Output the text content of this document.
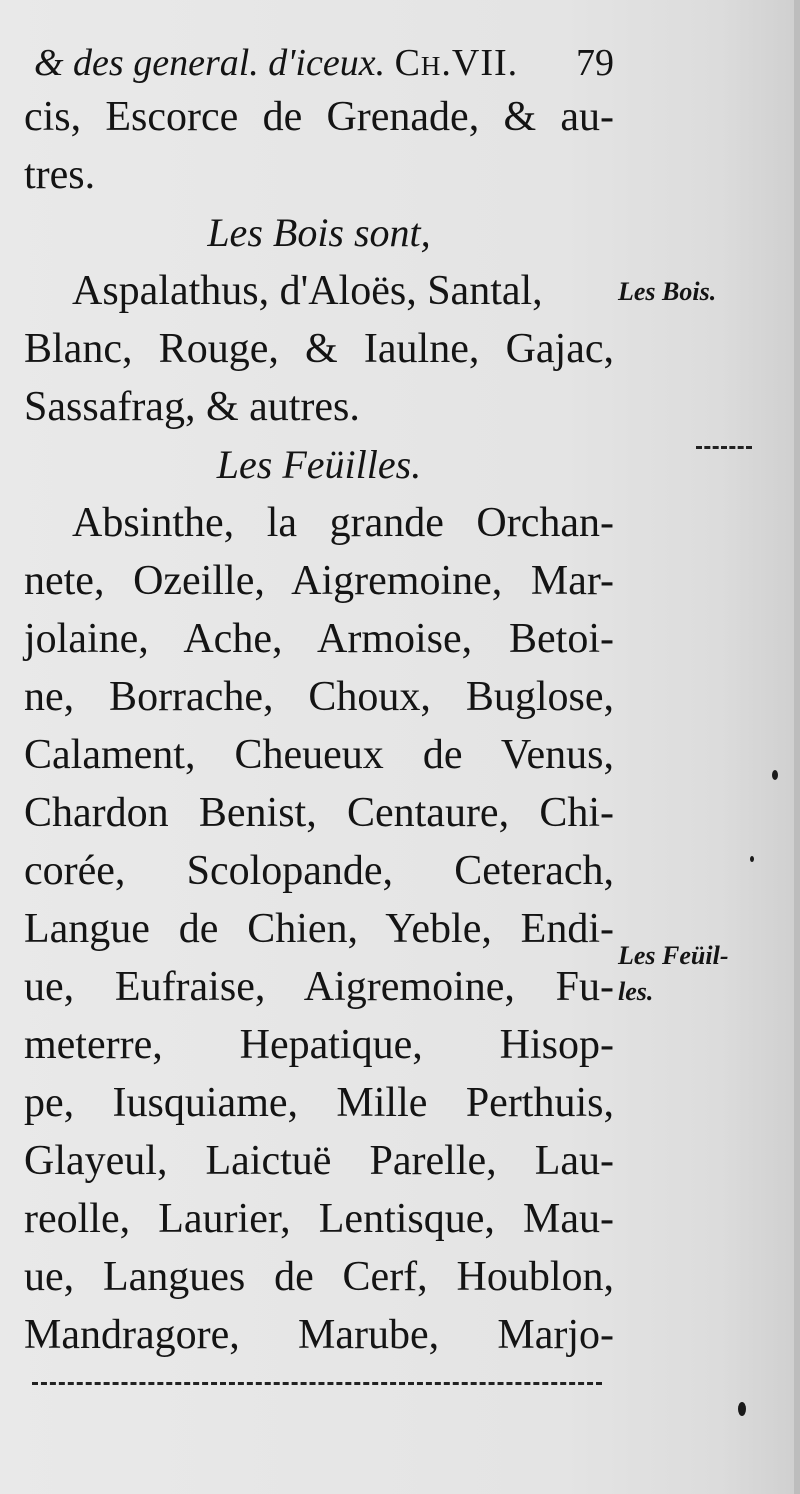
& des general. d'iceux. Ch.VII. 79
cis, Escorce de Grenade, & au-
tres.
Les Bois sont,
Aspalathus, d'Aloës, Santal,
Blanc, Rouge, & Iaulne, Gajac,
Sassafrag, & autres.
Les Feüilles.
Absinthe, la grande Orchan-
nete, Ozeille, Aigremoine, Mar-
jolaine, Ache, Armoise, Betoi-
ne, Borrache, Choux, Buglose,
Calament, Cheueux de Venus,
Chardon Benist, Centaure, Chi-
corée, Scolopande, Ceterach,
Langue de Chien, Yeble, Endi-
ue, Eufraise, Aigremoine, Fu-
meterre, Hepatique, Hisop-
pe, Iusquiame, Mille Perthuis,
Glayeul, Laictuë Parelle, Lau-
reolle, Laurier, Lentisque, Mau-
ue, Langues de Cerf, Houblon,
Mandragore, Marube, Marjo-
Les Bois.
Les Feüil-
les.
